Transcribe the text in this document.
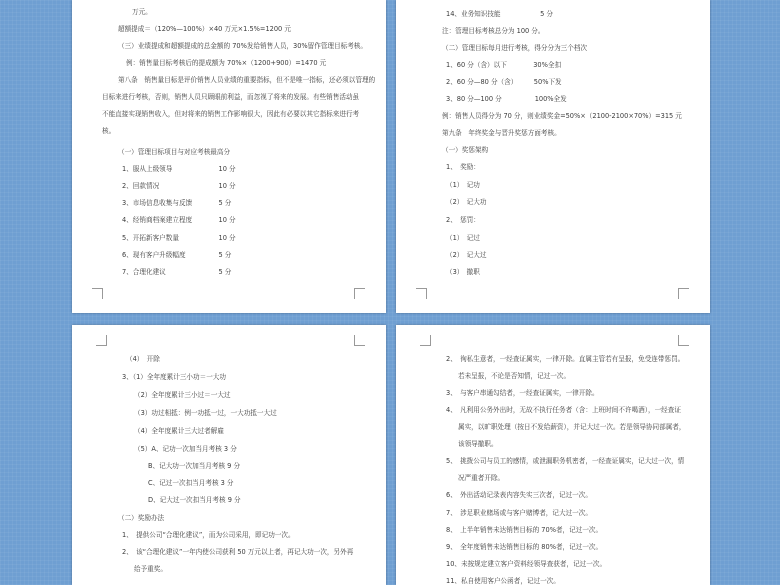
万元。
超额提成＝（120%—100%）×40 万元×1.5%=1200 元
（三）业绩提成和超额提成的总金额的 70%发给销售人员，30%留作管理目标考核。
例：销售量目标考核后的提成额为 70%×（1200+900）=1470 元
第八条　销售量目标是评价销售人员业绩的重要指标，但不是唯一指标，还必须以管理的
目标来进行考核，否则，销售人员只顾眼前利益，而忽视了将来的发展。有些销售活动虽
不能直接实现销售收入，但对将来的销售工作影响很大，因此有必要以其它指标来进行考
核。
（一）管理目标项目与对应考核最高分
1、服从上级领导　　　　　　　10 分
2、回款情况　　　　　　　　　10 分
3、市场信息收集与反馈　　　　5 分
4、经销商档案建立程度　　　　10 分
5、开拓新客户数量　　　　　　10 分
6、现有客户升级幅度　　　　　5 分
7、合理化建议　　　　　　　　5 分
14、业务知识技能　　　　　　5 分
注：管理目标考核总分为 100 分。
（二）管理目标每月进行考核，得分分为三个档次
1、60 分（含）以下　　　　30%全扣
2、60 分—80 分（含）　　　50%下发
3、80 分—100 分　　　　　100%全发
例：销售人员得分为 70 分，则业绩奖金=50%×（2100-2100×70%）=315 元
第九条　年终奖金与晋升奖惩方面考核。
（一）奖惩架构
1、　奖励：
（1）　记功
（2）　记大功
2、　惩罚：
（1）　记过
（2）　记大过
（3）　撤职
（4）　开除
3、（1）全年度累计三小功＝一大功
（2）全年度累计三小过＝一大过
（3）功过相抵：例一功抵一过，一大功抵一大过
（4）全年度累计三大过者解雇
（5）A、记功一次加当月考核 3 分
B、记大功一次加当月考核 9 分
C、记过一次扣当月考核 3 分
D、记大过一次扣当月考核 9 分
（二）奖励办法
1、　提供公司“合理化建议”，而为公司采用，即记功一次。
2、　该“合理化建议”一年内使公司获利 50 万元以上者，再记大功一次，另外再
给予重奖。
2、　徇私生意者，一经查证属实，一律开除。直属主管若有呈报，免受连带惩罚。
若未呈报，不论是否知情，记过一次。
3、　与客户串通勾结者，一经查证属实，一律开除。
4、　凡利用公务外出时，无故不执行任务者（含：上班时间不许喝酒），一经查证
属实，以旷职处理（按日不发给薪资），并记大过一次。若是领导协同部属者，
该领导撤职。
5、　挑拨公司与员工的感情，或泄漏职务机密者，一经查证属实，记大过一次，情
况严重者开除。
6、　外出活动记录表内容失实三次者，记过一次。
7、　涉足职业赌场或与客户赌博者，记大过一次。
8、　上半年销售未达销售目标的 70%者，记过一次。
9、　全年度销售未达销售目标的 80%者，记过一次。
10、未按规定建立客户资料经领导查获者，记过一次。
11、私自使用客户公函者，记过一次。
